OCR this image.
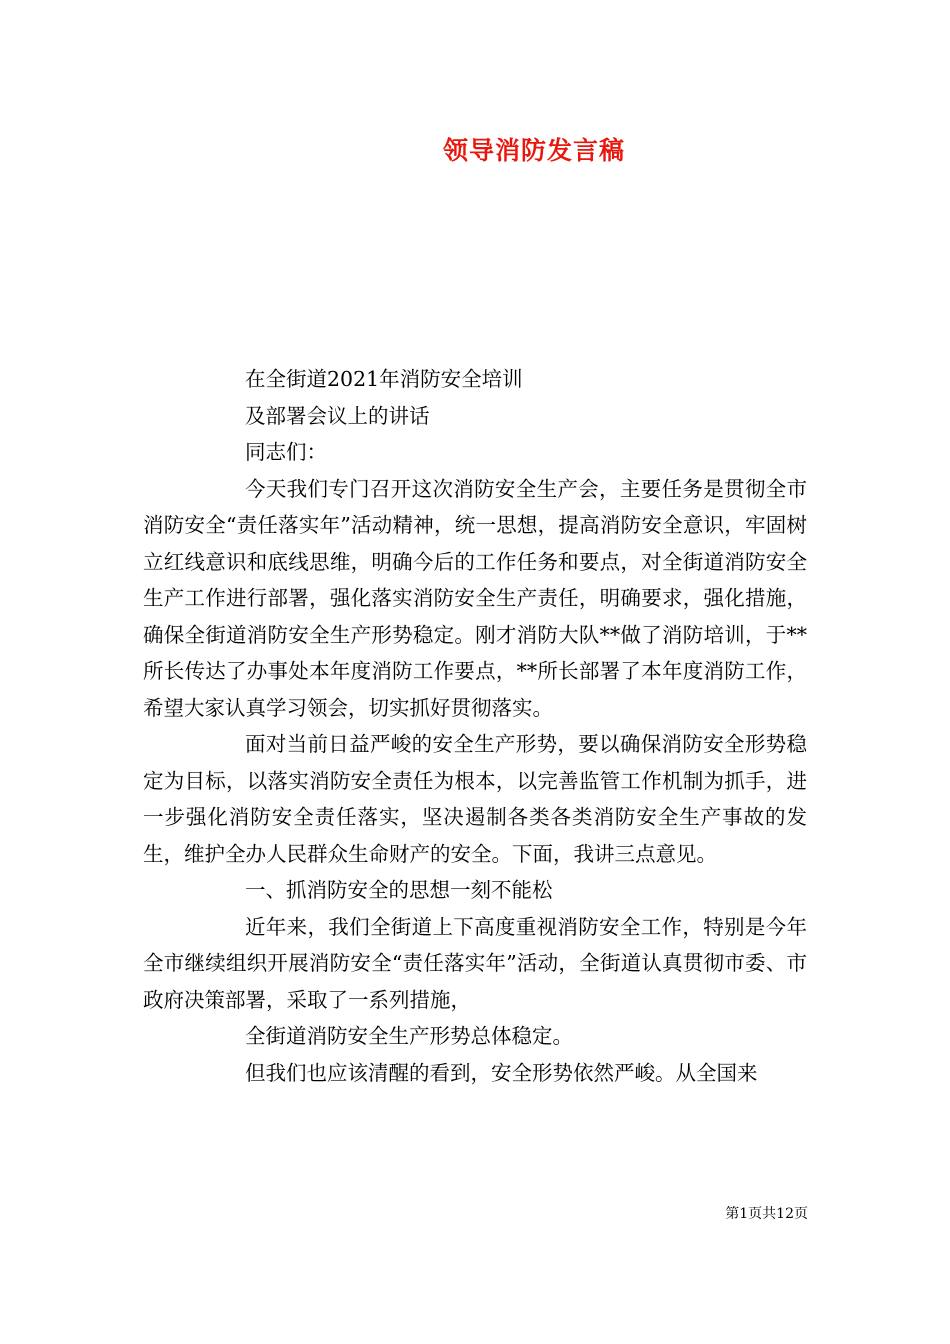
领导消防发言稿

在全街道2021年消防安全培训

及部署会议上的讲话

同志们：

今天我们专门召开这次消防安全生产会，主要任务是贯彻全市消防安全“责任落实年”活动精神，统一思想，提高消防安全意识，牢固树立红线意识和底线思维，明确今后的工作任务和要点，对全街道消防安全生产工作进行部署，强化落实消防安全生产责任，明确要求，强化措施，确保全街道消防安全生产形势稳定。刚才消防大队**做了消防培训，于**所长传达了办事处本年度消防工作要点，**所长部署了本年度消防工作，希望大家认真学习领会，切实抓好贯彻落实。

面对当前日益严峻的安全生产形势，要以确保消防安全形势稳定为目标，以落实消防安全责任为根本，以完善监管工作机制为抓手，进一步强化消防安全责任落实，坚决遏制各类各类消防安全生产事故的发生，维护全办人民群众生命财产的安全。下面，我讲三点意见。

一、抓消防安全的思想一刻不能松

近年来，我们全街道上下高度重视消防安全工作，特别是今年全市继续组织开展消防安全“责任落实年”活动，全街道认真贯彻市委、市政府决策部署，采取了一系列措施，

全街道消防安全生产形势总体稳定。

但我们也应该清醒的看到，安全形势依然严峻。从全国来

第1页共12页
